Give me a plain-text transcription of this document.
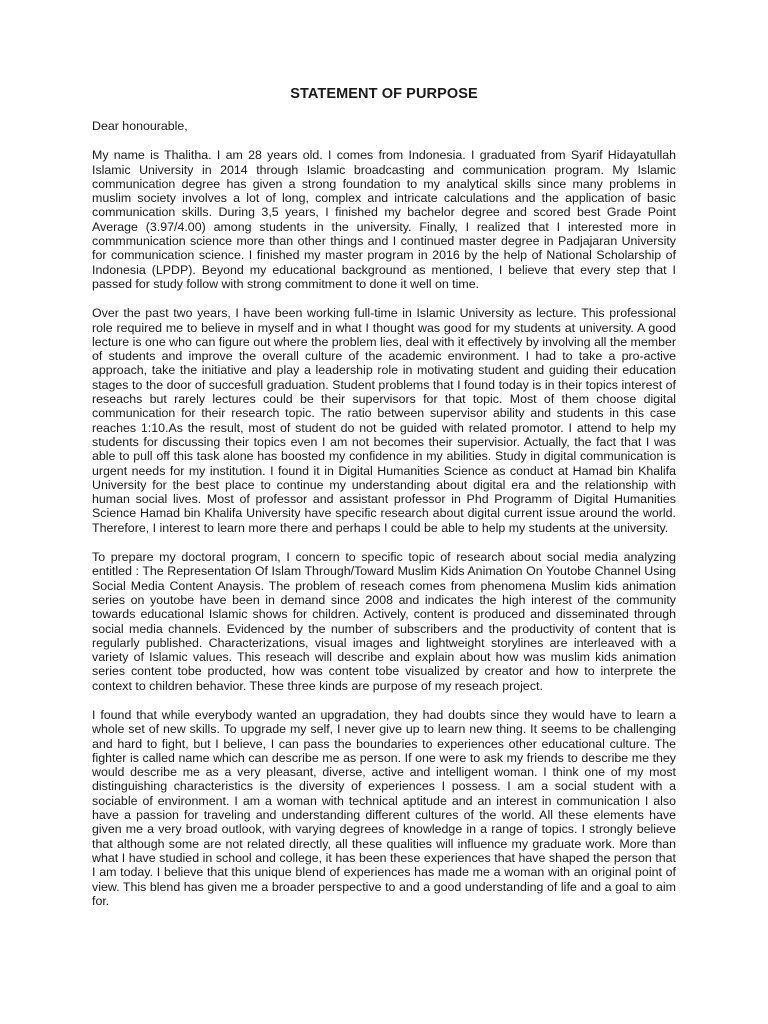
STATEMENT OF PURPOSE

Dear honourable,

My name is Thalitha. I am 28 years old. I comes from Indonesia. I graduated from Syarif Hidayatullah Islamic University in 2014 through Islamic broadcasting and communication program. My Islamic communication degree has given a strong foundation to my analytical skills since many problems in muslim society involves a lot of long, complex and intricate calculations and the application of basic communication skills. During 3,5 years, I finished my bachelor degree and scored best Grade Point Average (3.97/4.00) among students in the university. Finally, I realized that I interested more in commmunication science more than other things and I continued master degree in Padjajaran University for communication science. I finished my master program in 2016 by the help of National Scholarship of Indonesia (LPDP). Beyond my educational background as mentioned, I believe that every step that I passed for study follow with strong commitment to done it well on time.

Over the past two years, I have been working full-time in Islamic University as lecture. This professional role required me to believe in myself and in what I thought was good for my students at university. A good lecture is one who can figure out where the problem lies, deal with it effectively by involving all the member of students and improve the overall culture of the academic environment. I had to take a pro-active approach, take the initiative and play a leadership role in motivating student and guiding their education stages to the door of succesfull graduation. Student problems that I found today is in their topics interest of reseachs but rarely lectures could be their supervisors for that topic. Most of them choose digital communication for their research topic. The ratio between supervisor ability and students in this case reaches 1:10.As the result, most of student do not be guided with related promotor. I attend to help my students for discussing their topics even I am not becomes their supervisior. Actually, the fact that I was able to pull off this task alone has boosted my confidence in my abilities. Study in digital communication is urgent needs for my institution. I found it in Digital Humanities Science as conduct at Hamad bin Khalifa University for the best place to continue my understanding about digital era and the relationship with human social lives. Most of professor and assistant professor in Phd Programm of Digital Humanities Science Hamad bin Khalifa University have specific research about digital current issue around the world. Therefore, I interest to learn more there and perhaps I could be able to help my students at the university.

To prepare my doctoral program, I concern to specific topic of research about social media analyzing entitled : The Representation Of Islam Through/Toward Muslim Kids Animation On Youtobe Channel Using Social Media Content Anaysis. The problem of reseach comes from phenomena Muslim kids animation series on youtobe have been in demand since 2008 and indicates the high interest of the community towards educational Islamic shows for children. Actively, content is produced and disseminated through social media channels. Evidenced by the number of subscribers and the productivity of content that is regularly published. Characterizations, visual images and lightweight storylines are interleaved with a variety of Islamic values. This reseach will describe and explain about how was muslim kids animation series content tobe producted, how was content tobe visualized by creator and how to interprete the context to children behavior. These three kinds are purpose of my reseach project.

I found that while everybody wanted an upgradation, they had doubts since they would have to learn a whole set of new skills. To upgrade my self, I never give up to learn new thing. It seems to be challenging and hard to fight, but I believe, I can pass the boundaries to experiences other educational culture. The fighter is called name which can describe me as person. If one were to ask my friends to describe me they would describe me as a very pleasant, diverse, active and intelligent woman. I think one of my most distinguishing characteristics is the diversity of experiences I possess. I am a social student with a sociable of environment. I am a woman with technical aptitude and an interest in communication I also have a passion for traveling and understanding different cultures of the world. All these elements have given me a very broad outlook, with varying degrees of knowledge in a range of topics. I strongly believe that although some are not related directly, all these qualities will influence my graduate work. More than what I have studied in school and college, it has been these experiences that have shaped the person that I am today. I believe that this unique blend of experiences has made me a woman with an original point of view. This blend has given me a broader perspective to and a good understanding of life and a goal to aim for.
